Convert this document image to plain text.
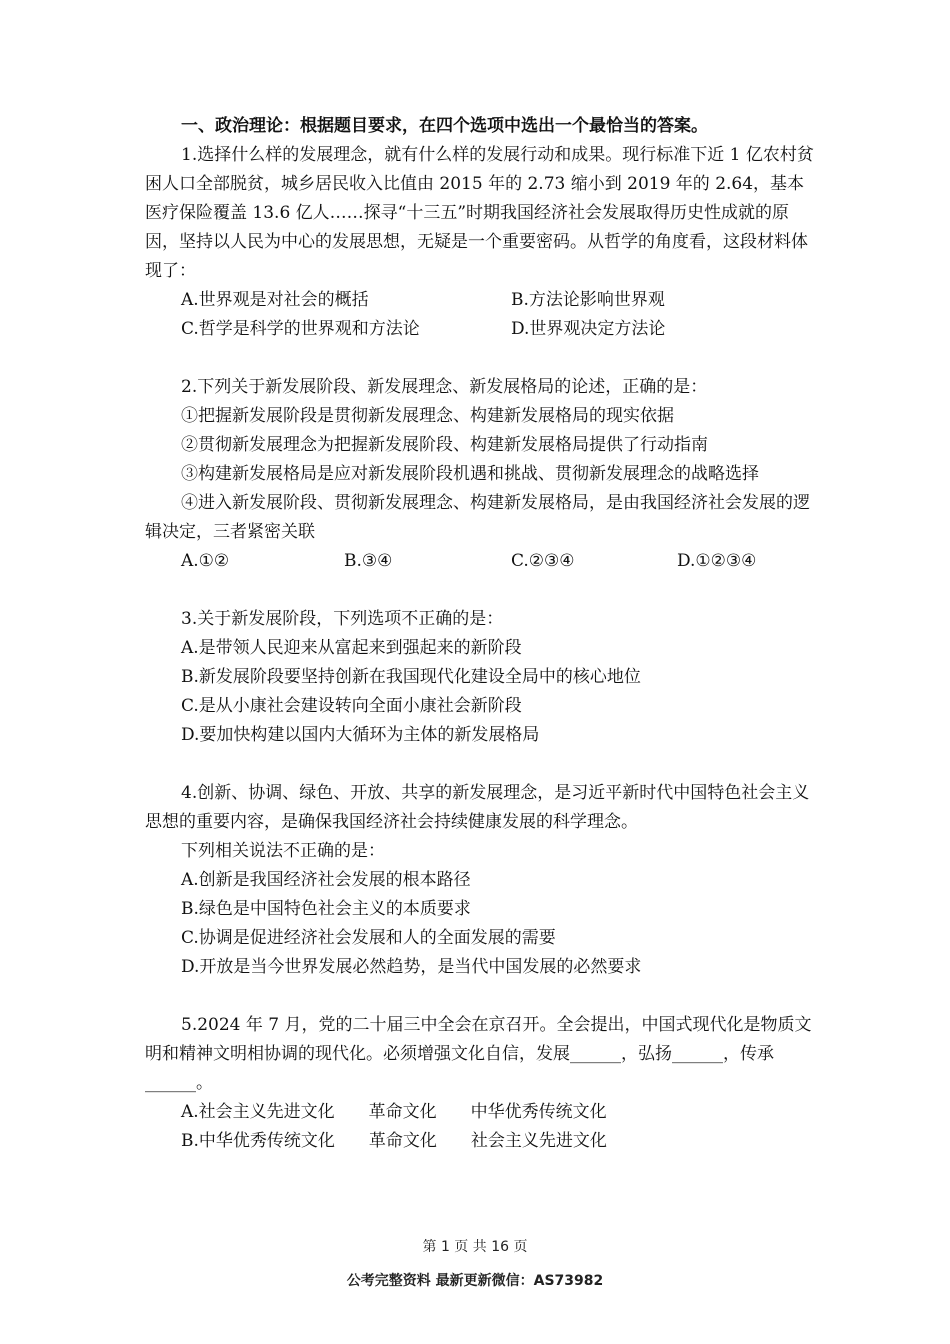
一、政治理论：根据题目要求，在四个选项中选出一个最恰当的答案。

1.选择什么样的发展理念，就有什么样的发展行动和成果。现行标准下近 1 亿农村贫困人口全部脱贫，城乡居民收入比值由 2015 年的 2.73 缩小到 2019 年的 2.64，基本医疗保险覆盖 13.6 亿人……探寻“十三五”时期我国经济社会发展取得历史性成就的原因，坚持以人民为中心的发展思想，无疑是一个重要密码。从哲学的角度看，这段材料体现了：

A.世界观是对社会的概括	B.方法论影响世界观
C.哲学是科学的世界观和方法论	D.世界观决定方法论

2.下列关于新发展阶段、新发展理念、新发展格局的论述，正确的是：

①把握新发展阶段是贯彻新发展理念、构建新发展格局的现实依据

②贯彻新发展理念为把握新发展阶段、构建新发展格局提供了行动指南

③构建新发展格局是应对新发展阶段机遇和挑战、贯彻新发展理念的战略选择

④进入新发展阶段、贯彻新发展理念、构建新发展格局，是由我国经济社会发展的逻辑决定，三者紧密关联

A.①②	B.③④	C.②③④	D.①②③④

3.关于新发展阶段，下列选项不正确的是：

A.是带领人民迎来从富起来到强起来的新阶段
B.新发展阶段要坚持创新在我国现代化建设全局中的核心地位
C.是从小康社会建设转向全面小康社会新阶段
D.要加快构建以国内大循环为主体的新发展格局

4.创新、协调、绿色、开放、共享的新发展理念，是习近平新时代中国特色社会主义思想的重要内容，是确保我国经济社会持续健康发展的科学理念。

下列相关说法不正确的是：
A.创新是我国经济社会发展的根本路径
B.绿色是中国特色社会主义的本质要求
C.协调是促进经济社会发展和人的全面发展的需要
D.开放是当今世界发展必然趋势，是当代中国发展的必然要求

5.2024 年 7 月，党的二十届三中全会在京召开。全会提出，中国式现代化是物质文明和精神文明相协调的现代化。必须增强文化自信，发展______，弘扬______，传承______。

A.社会主义先进文化　　革命文化　　中华优秀传统文化
B.中华优秀传统文化　　革命文化　　社会主义先进文化
第 1 页 共 16 页
公考完整资料 最新更新微信：AS73982
